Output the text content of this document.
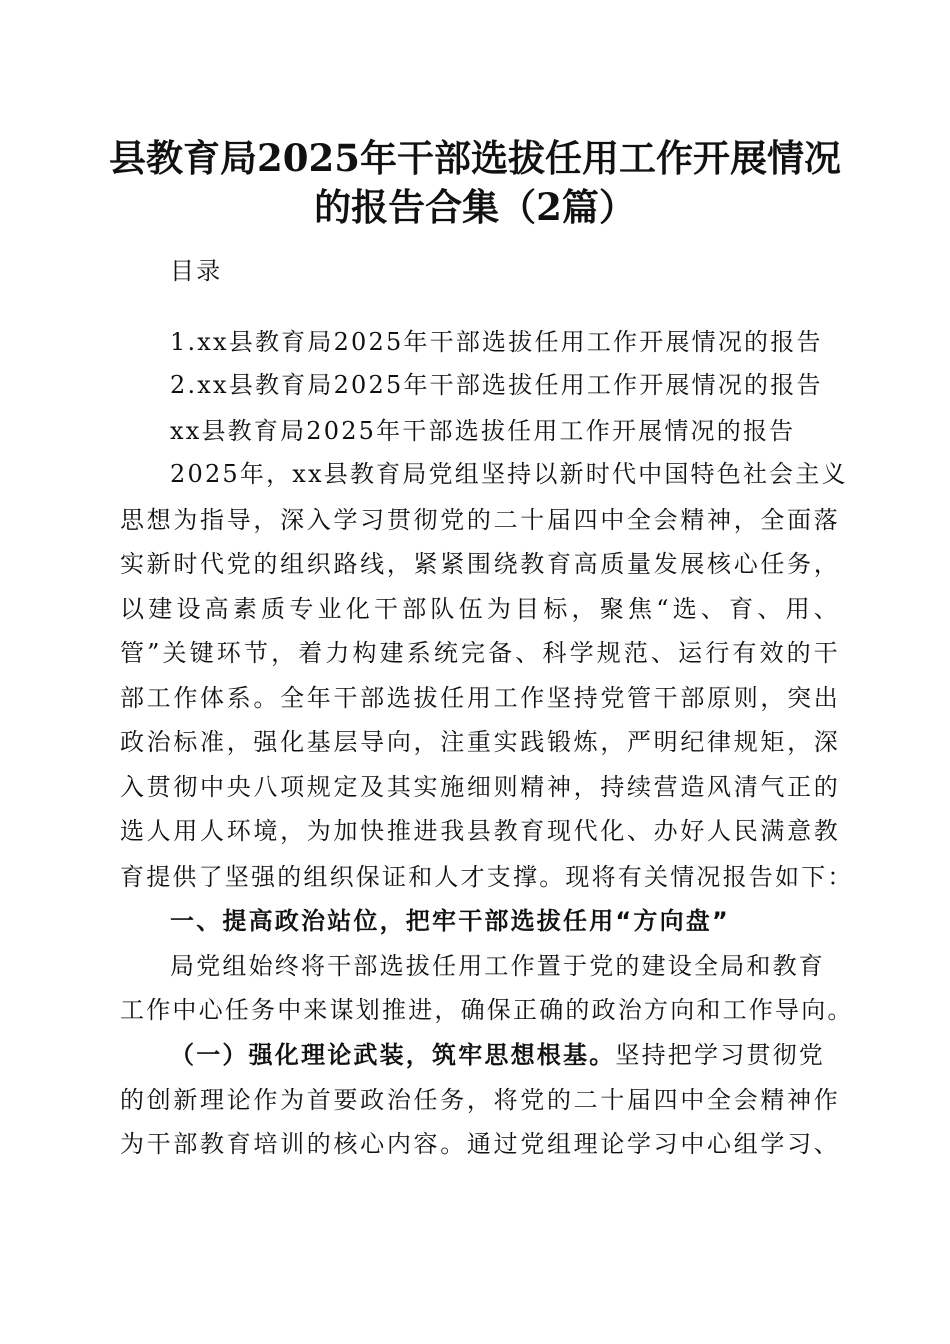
县教育局2025年干部选拔任用工作开展情况
的报告合集（2篇）
目录
1.xx县教育局2025年干部选拔任用工作开展情况的报告
2.xx县教育局2025年干部选拔任用工作开展情况的报告
xx县教育局2025年干部选拔任用工作开展情况的报告
2025年，xx县教育局党组坚持以新时代中国特色社会主义
思想为指导，深入学习贯彻党的二十届四中全会精神，全面落
实新时代党的组织路线，紧紧围绕教育高质量发展核心任务，
以建设高素质专业化干部队伍为目标，聚焦“选、育、用、
管”关键环节，着力构建系统完备、科学规范、运行有效的干
部工作体系。全年干部选拔任用工作坚持党管干部原则，突出
政治标准，强化基层导向，注重实践锻炼，严明纪律规矩，深
入贯彻中央八项规定及其实施细则精神，持续营造风清气正的
选人用人环境，为加快推进我县教育现代化、办好人民满意教
育提供了坚强的组织保证和人才支撑。现将有关情况报告如下：
一、提高政治站位，把牢干部选拔任用“方向盘”
局党组始终将干部选拔任用工作置于党的建设全局和教育
工作中心任务中来谋划推进，确保正确的政治方向和工作导向。
（一）强化理论武装，筑牢思想根基。坚持把学习贯彻党
的创新理论作为首要政治任务，将党的二十届四中全会精神作
为干部教育培训的核心内容。通过党组理论学习中心组学习、
